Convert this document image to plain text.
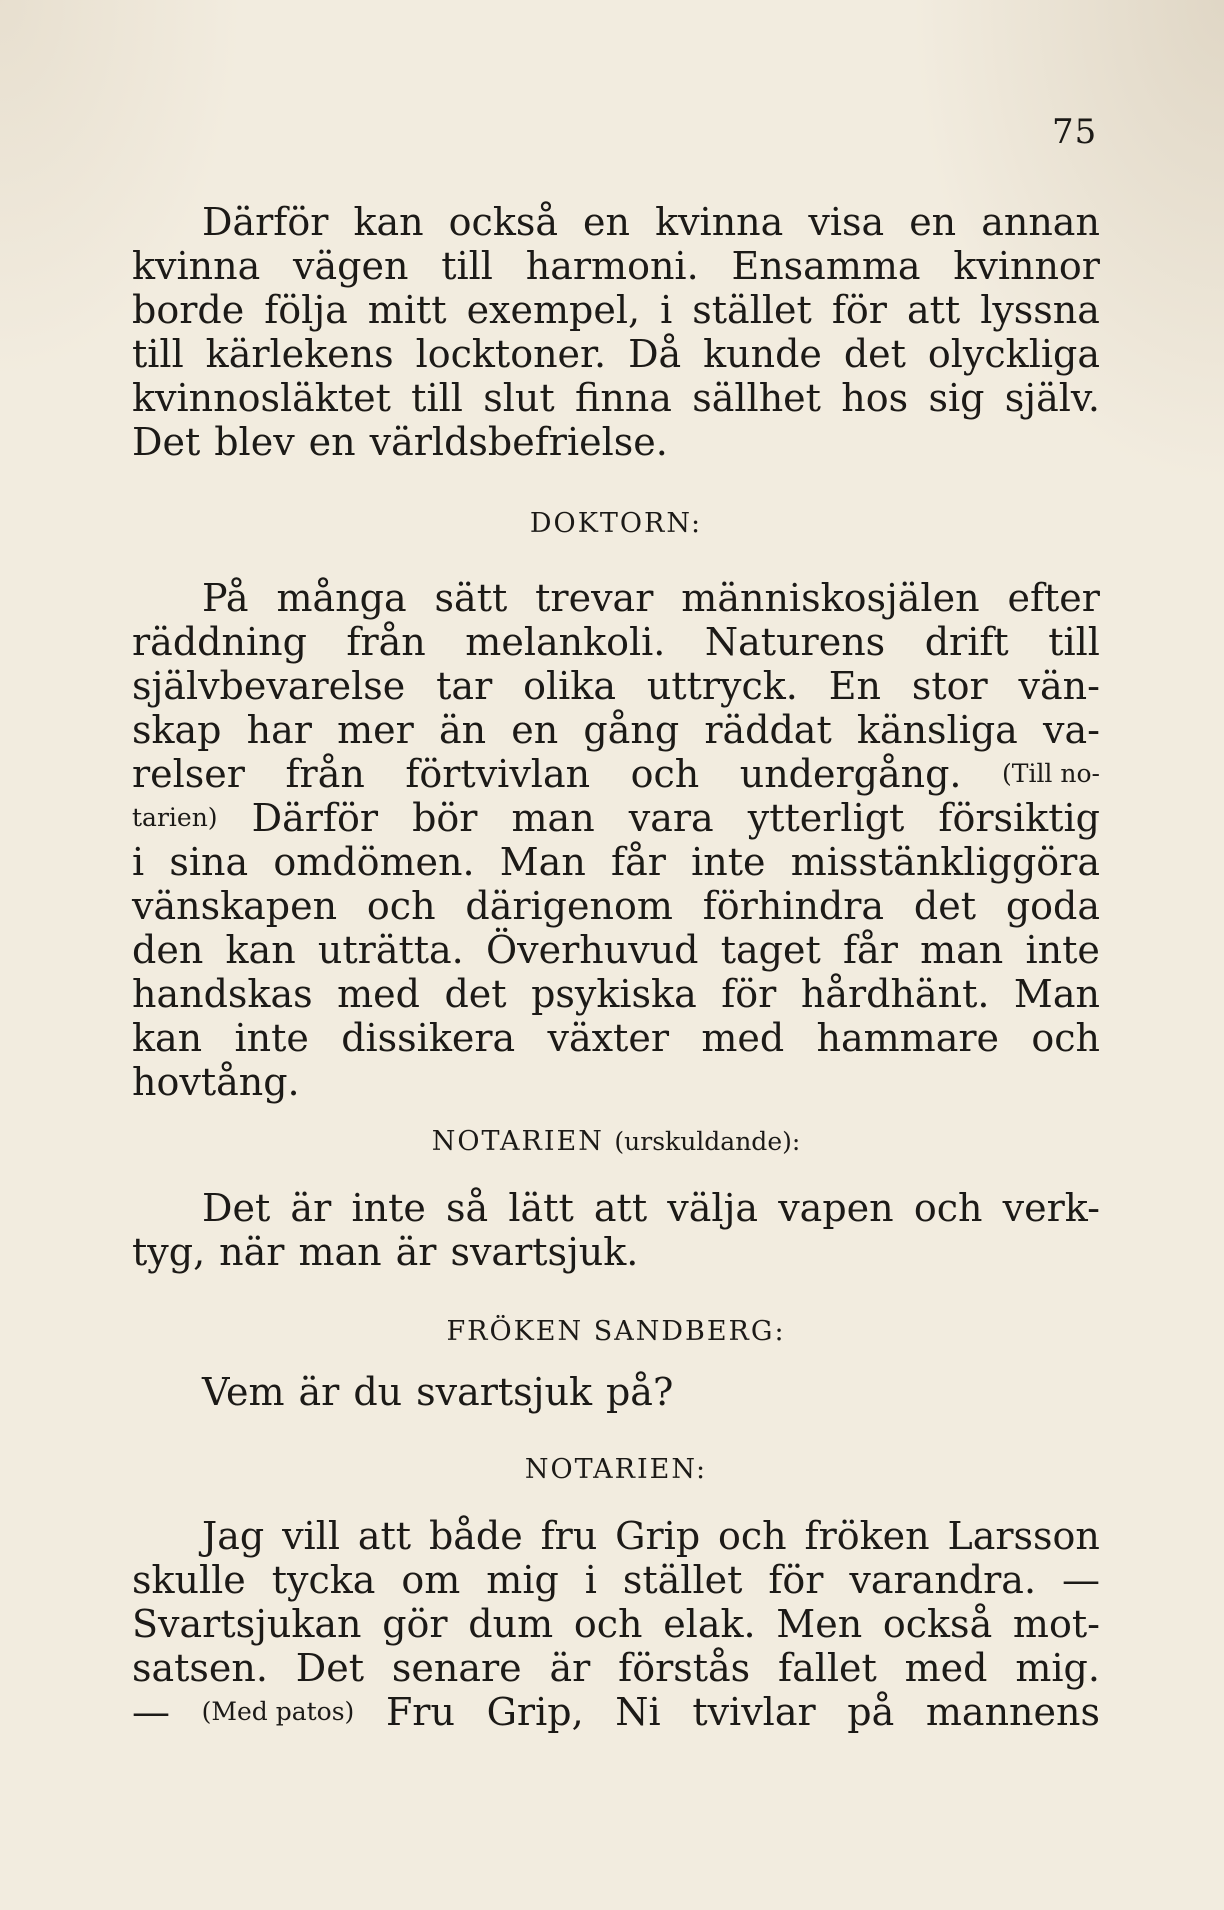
75
Därför kan också en kvinna visa en annan
kvinna vägen till harmoni. Ensamma kvinnor
borde följa mitt exempel, i stället för att lyssna
till kärlekens locktoner. Då kunde det olyckliga
kvinnosläktet till slut finna sällhet hos sig själv.
Det blev en världsbefrielse.
DOKTORN:
På många sätt trevar människosjälen efter
räddning från melankoli. Naturens drift till
självbevarelse tar olika uttryck. En stor vän-
skap har mer än en gång räddat känsliga va-
relser från förtvivlan och undergång. (Till no-
tarien) Därför bör man vara ytterligt försiktig
i sina omdömen. Man får inte misstänkliggöra
vänskapen och därigenom förhindra det goda
den kan uträtta. Överhuvud taget får man inte
handskas med det psykiska för hårdhänt. Man
kan inte dissikera växter med hammare och
hovtång.
NOTARIEN (urskuldande):
Det är inte så lätt att välja vapen och verk-
tyg, när man är svartsjuk.
FRÖKEN SANDBERG:
Vem är du svartsjuk på?
NOTARIEN:
Jag vill att både fru Grip och fröken Larsson
skulle tycka om mig i stället för varandra. —
Svartsjukan gör dum och elak. Men också mot-
satsen. Det senare är förstås fallet med mig.
— (Med patos) Fru Grip, Ni tvivlar på mannens
